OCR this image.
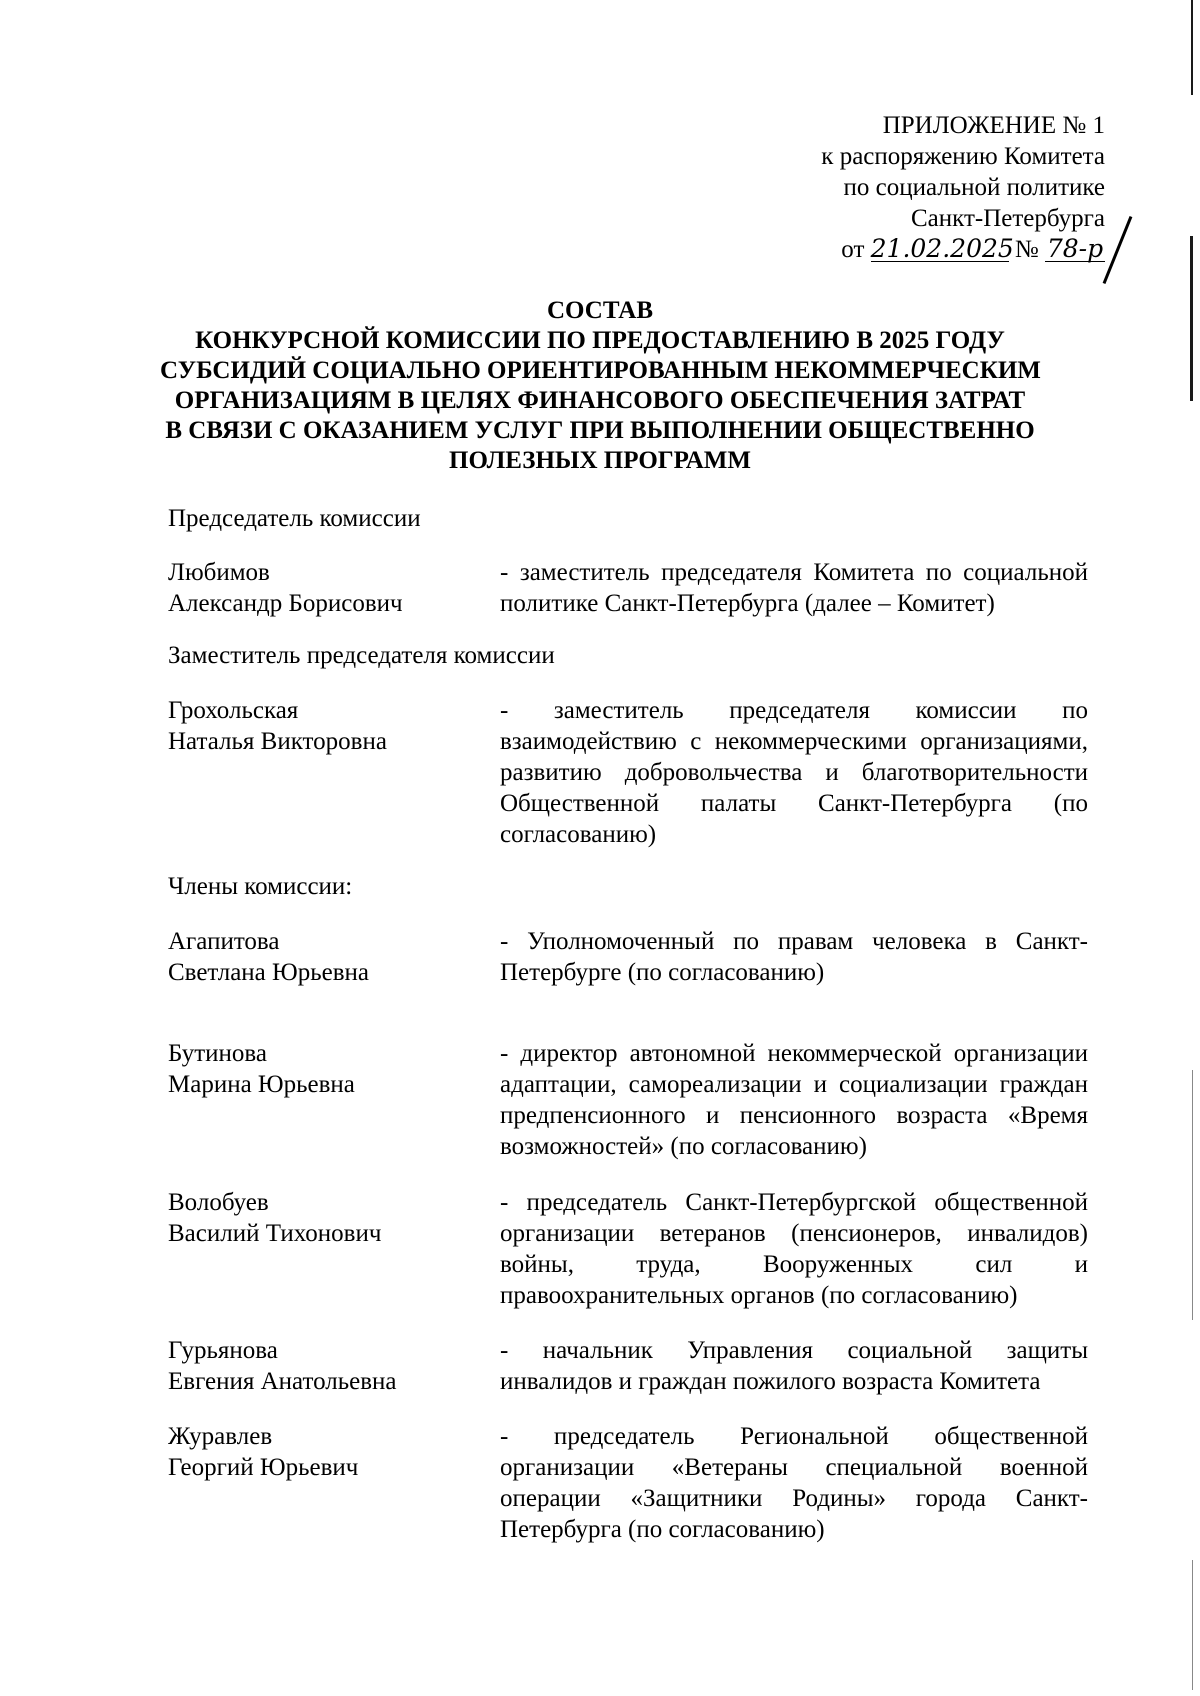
ПРИЛОЖЕНИЕ № 1
к распоряжению Комитета
по социальной политике
Санкт-Петербурга
от 21.02.2025 № 78-р
СОСТАВ
КОНКУРСНОЙ КОМИССИИ ПО ПРЕДОСТАВЛЕНИЮ В 2025 ГОДУ
СУБСИДИЙ СОЦИАЛЬНО ОРИЕНТИРОВАННЫМ НЕКОММЕРЧЕСКИМ
ОРГАНИЗАЦИЯМ В ЦЕЛЯХ ФИНАНСОВОГО ОБЕСПЕЧЕНИЯ ЗАТРАТ
В СВЯЗИ С ОКАЗАНИЕМ УСЛУГ ПРИ ВЫПОЛНЕНИИ ОБЩЕСТВЕННО
ПОЛЕЗНЫХ ПРОГРАММ
Председатель комиссии
Любимов
Александр Борисович
- заместитель председателя Комитета по социальной политике Санкт-Петербурга (далее – Комитет)
Заместитель председателя комиссии
Грохольская
Наталья Викторовна
- заместитель председателя комиссии по взаимодействию с некоммерческими организациями, развитию добровольчества и благотворительности Общественной палаты Санкт-Петербурга (по согласованию)
Члены комиссии:
Агапитова
Светлана Юрьевна
- Уполномоченный по правам человека в Санкт-Петербурге (по согласованию)
Бутинова
Марина Юрьевна
- директор автономной некоммерческой организации адаптации, самореализации и социализации граждан предпенсионного и пенсионного возраста «Время возможностей» (по согласованию)
Волобуев
Василий Тихонович
- председатель Санкт-Петербургской общественной организации ветеранов (пенсионеров, инвалидов) войны, труда, Вооруженных сил и правоохранительных органов (по согласованию)
Гурьянова
Евгения Анатольевна
- начальник Управления социальной защиты инвалидов и граждан пожилого возраста Комитета
Журавлев
Георгий Юрьевич
- председатель Региональной общественной организации «Ветераны специальной военной операции «Защитники Родины» города Санкт-Петербурга (по согласованию)
